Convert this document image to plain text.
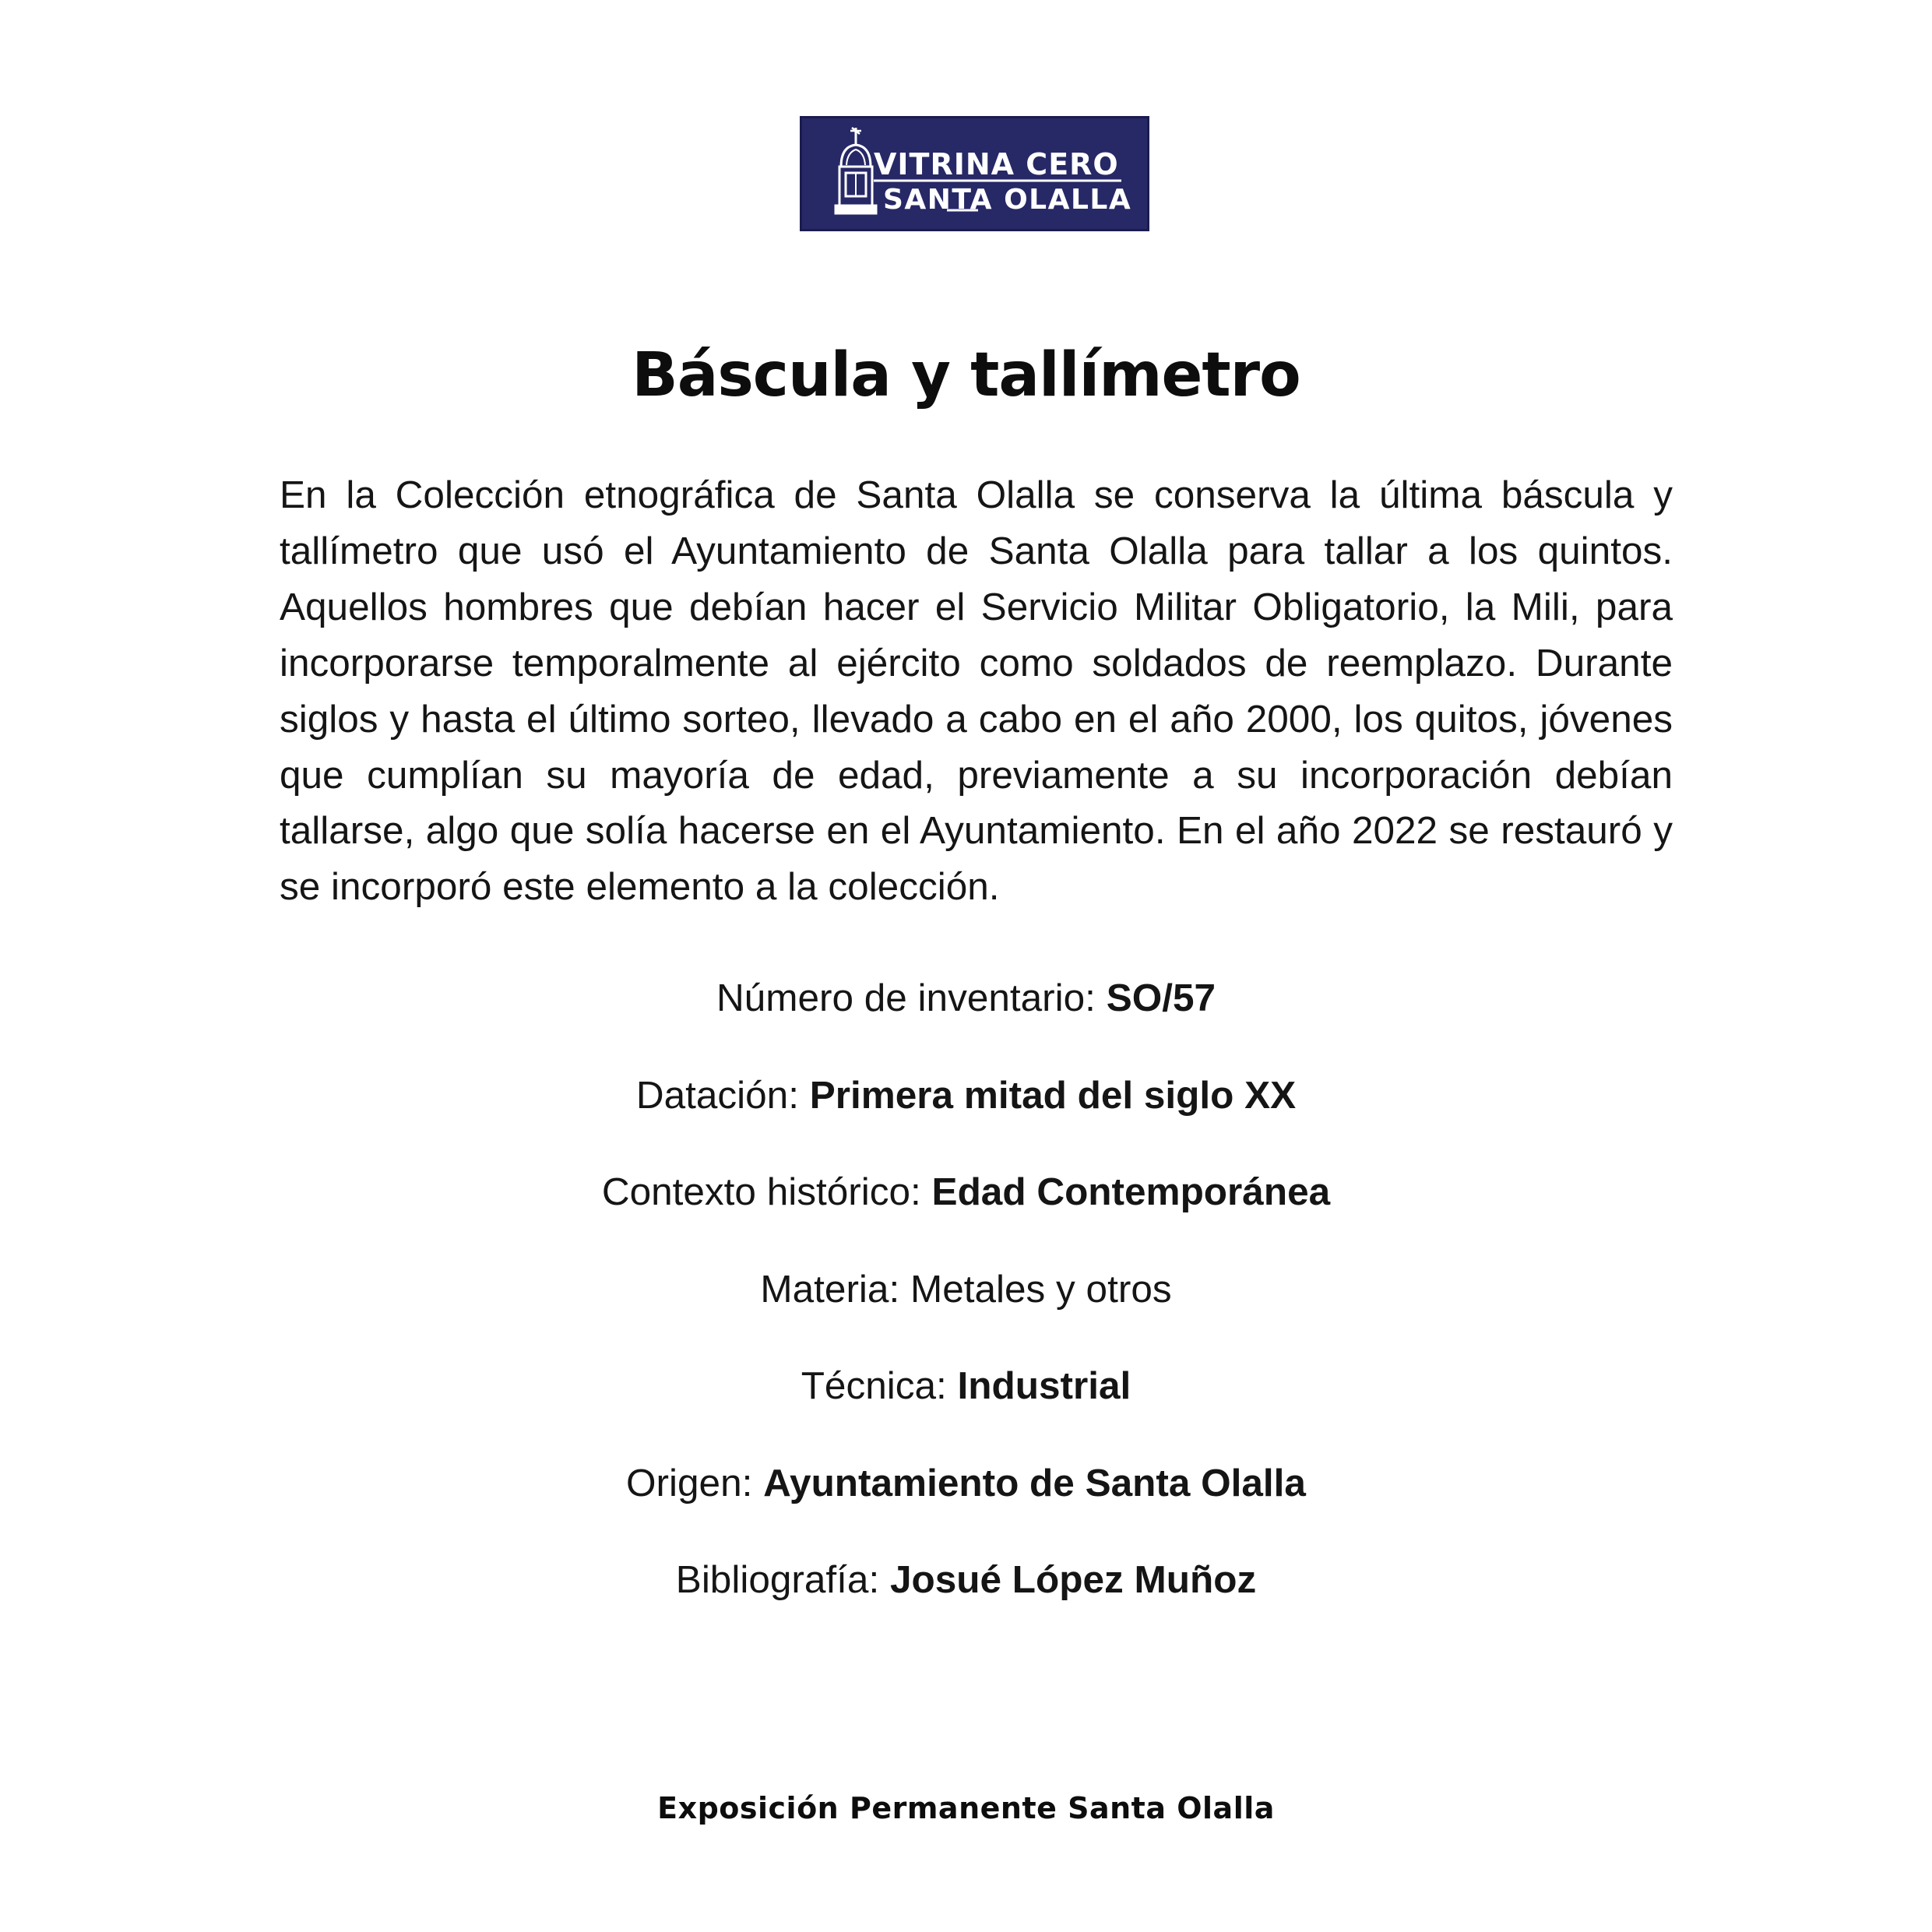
VITRINA CERO
SANTA OLALLA
Báscula y tallímetro

En la Colección etnográfica de Santa Olalla se conserva la última báscula y tallímetro que usó el Ayuntamiento de Santa Olalla para tallar a los quintos. Aquellos hombres que debían hacer el Servicio Militar Obligatorio, la Mili, para incorporarse temporalmente al ejército como soldados de reemplazo. Durante siglos y hasta el último sorteo, llevado a cabo en el año 2000, los quitos, jóvenes que cumplían su mayoría de edad, previamente a su incorporación debían tallarse, algo que solía hacerse en el Ayuntamiento. En el año 2022 se restauró y se incorporó este elemento a la colección.

Número de inventario: SO/57
Datación: Primera mitad del siglo XX
Contexto histórico: Edad Contemporánea
Materia: Metales y otros
Técnica: Industrial
Origen: Ayuntamiento de Santa Olalla
Bibliografía: Josué López Muñoz
Exposición Permanente Santa Olalla
